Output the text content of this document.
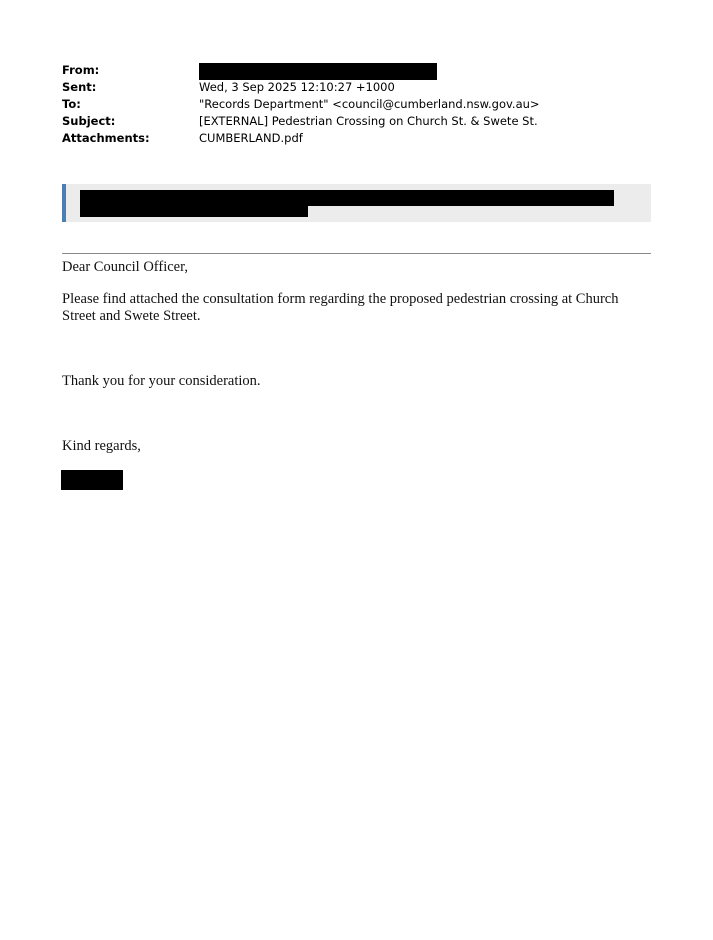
From:
Sent:	Wed, 3 Sep 2025 12:10:27 +1000
To:	"Records Department" <council@cumberland.nsw.gov.au>
Subject:	[EXTERNAL] Pedestrian Crossing on Church St. & Swete St.
Attachments:	CUMBERLAND.pdf
Dear Council Officer,
Please find attached the consultation form regarding the proposed pedestrian crossing at Church Street and Swete Street.
Thank you for your consideration.
Kind regards,
